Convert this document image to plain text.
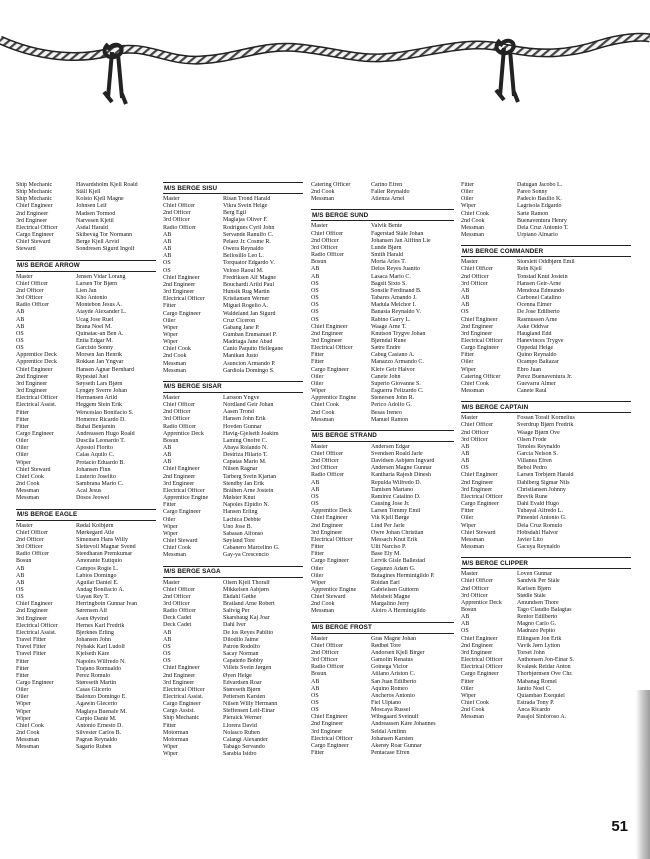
Ship Mechanic	Håvardsholm Kjell Roald
Ship Mechanic	Ställ Kjell
Ship Mechanic	Kolsto Kjell Magne
Chief Engineer	Johnsen Leif
2nd Engineer	Madsen Tormod
3rd Engineer	Narvesen Kjetil
Electrical Officer	Asdal Harald
Cargo Engineer	Skibevåg Tor Normann
Chief Steward	Berge Kjell Arvid
Steward	Sondresen Sigurd Ingolf
M/S BERGE ARROW
Master	Jensen Vidar Lorang
Chief Officer	Larsen Tor Bjørn
2nd Officer	Lien Jan
3rd Officer	Kho Antonio
Radio Officer	Montebon Jesus A.
AB	Atayde Alexander L.
AB	Ucag Jose Ruel
AB	Brana Noel M.
OS	Quinatac-an Ben A.
OS	Entia Edgar M.
OS	Garcisto Sonny
Apprentice Deck	Morsen Jan Henrik
Apprentice Deck	Rokkan Jan Yngvar
Chief Engineer	Hansen Agnar Bernhard
2nd Engineer	Rypestøl Juel
3rd Engineer	Søyseth Lars Bjørn
3rd Engineer	Lyngøy Sverre Johan
Electrical Officer	Hermansen Arild
Electrical Assist.	Heggem Stein Erik
Fitter	Wenceslao Bonifacio S.
Fitter	Homerez Ricardo D.
Fitter	Buhat Benjamin
Cargo Engineer	Andreassen Hugo Roald
Oiler	Duscila Leonardo T.
Oiler	Apostol Florito
Oiler	Calas Aquilo C.
Wiper	Protacio Eduardo B.
Chief Steward	Johansen Finn
Chief Cook	Lusterio Joselito
2nd Cook	Sambrana Mario C.
Messman	Acal Jesus
Messman	Dosos Jeowel
M/S BERGE EAGLE
Master	Rødal Kolbjørn
Chief Officer	Mørkegard Atle
2nd Officer	Simensen Hans Willy
3rd Officer	Slettevoll Magnar Svend
Radio Officer	Steedharan Premkumar
Bosun	Amorante Eutiquio
AB	Campos Rogie L.
AB	Labios Domingo
AB	Aguilar Daniel E.
OS	Andag Bonifacio A.
OS	Uayan Rey T.
Chief Engineer	Herringbotn Gunnar Ivan
2nd Engineer	Sørensen Alf
3rd Engineer	Åsen Øyvind
Electrical Officer	Hernes Karl Fredrik
Electrical Assist.	Bjerknes Erling
Travel Fitter	Johansen John
Travel Fitter	Nybakk Karl Ludolf
Travel Fitter	Kjelseth Kåre
Fitter	Napoles Wilfredo N.
Fitter	Trajano Romualdo
Fitter	Perez Romulo
Cargo Engineer	Støreseth Martin
Oiler	Casas Glicerio
Oiler	Balonzo Domingo E.
Wiper	Agawin Glecerio
Wiper	Maglaya Buenafe M.
Wiper	Carpio Dante M.
Chief Cook	Antonio Ernesto D.
2nd Cook	Silvester Carlos B.
Messman	Pagran Reynaldo
Messman	Sagario Ruben
M/S BERGE SISU
Master	Risan Trond Harald
Chief Officer	Vikra Svein Helge
2nd Officer	Berg Egil
3rd Officer	Maglajas Oliver F.
Radio Officer	Rodrigues Cyril John
AB	Servande Ranulfo C.
AB	Pelaez Jr. Cosme R.
AB	Owera Reynaldo
AB	Bellosillo Leo L.
OS	Torquator Edgardo V.
OS	Veloso Raoul M.
Chief Engineer	Fredriksen Alf Magne
2nd Engineer	Bouchardi Arild Paul
3rd Engineer	Hunsik Rug Martin
Electrical Officer	Kristiansen Werner
Fitter	Miguel Rogelio A.
Cargo Engineer	Waldeland Jan Sigurd
Oiler	Cruz Ciceron
Wiper	Gabang Jane P.
Wiper	Gumban Emmanuel P.
Wiper	Madriaga Jane Abad
Chief Cook	Canio Paquito Hellegane
2nd Cook	Manikan Justo
Messman	Asuncion Armando P.
Messman	Gardiola Domingo S.
M/S BERGE SISAR
Master	Larsson Yngve
Chief Officer	Nordland Geir Johan
2nd Officer	Aasen Trond
3rd Officer	Hansen John Erik
Radio Officer	Hovden Gunnar
Apprentice Deck	Havig-Gjelseth Joakim
Bosun	Laming Onofre C.
AB	Abaya Rolando N.
AB	Destriza Hilario T.
AB	Capatas Mario M.
Chief Engineer	Nilsen Ragnar
2nd Engineer	Tarberg Svein Kjartan
3rd Engineer	Stendby Jan Erik
Electrical Officer	Bråthen Arne Jostein
Apprentice Engine	Mølster Knut
Fitter	Napoles Elpidio N.
Cargo Engineer	Hansen Erling
Oiler	Lachica Debbie
Wiper	Uno Jose B.
Wiper	Sabasan Alfonso
Chief Steward	Søyland Tore
Chief Cook	Cabanero Marcelino G.
Messman	Gay-ya Crescencio
M/S BERGE SAGA
Master	Olsen Kjell Thoralf
Chief Officer	Mikkelsen Asbjørn
2nd Officer	Ekdahl Gøthe
3rd Officer	Bratland Arne Robert
Radio Officer	Saltvig Per
Deck Cadet	Skarsbaug Kaj Joar
Deck Cadet	Dahl Iver
AB	De los Reyes Pablito
AB	Dilodilo Jaime
OS	Patron Rodolfo
OS	Sacay Norman
OS	Capateño Bobby
Chief Engineer	Villets Svein Jørgen
2nd Engineer	Øyen Helge
3rd Engineer	Edvardsen Roar
Electrical Officer	Støreseth Bjørn
Electrical Assist.	Pettersen Karsten
Cargo Engineer	Nilsen Willy Hermann
Cargo Assist.	Steffensen Leif-Einar
Ship Mechanic	Pieraick Werner
Fitter	Llorera David
Motorman	Nolasco Ruben
Motorman	Calangi Alexander
Wiper	Tabago Servando
Wiper	Sarabia Isidro
Catering Officer	Carino Efren
2nd Cook	Faller Reynaldo
Messman	Atienza Arnel
M/S BERGE SUND
Master	Valvik Bente
Chief Officer	Fagerstad Ståle Johan
2nd Officer	Johansen Jan Alffinn Lie
3rd Officer	Lunde Bjørn
Radio Officer	Smith Harald
Bosun	Morta Arles T.
AB	Delos Reyes Juanito
AB	Lasaca Mario C.
OS	Bagsit Sixto S.
OS	Sonsile Ferdinand B.
OS	Tabares Amando J.
OS	Madula Melchor I.
OS	Banasia Reynaldo V.
OS	Rabino Garry L.
Chief Engineer	Waage Arne T.
2nd Engineer	Knutson Trygve Johan
3rd Engineer	Bjørndal Rune
Electrical Officer	Sætre Endre
Fitter	Cabug Casiano A.
Fitter	Manazzo Armando C.
Cargo Engineer	Kleiv Geir Halvor
Oiler	Canete John
Oiler	Superio Giovanne S.
Wiper	Esguerra Felizardo C.
Apprentice Engine	Stenersen John R.
Chief Cook	Perico Adolfo G.
2nd Cook	Besas Ireneo
Messman	Manuel Ramon
M/S BERGE STRAND
Master	Andersen Edgar
Chief Officer	Svendsen Roald Jarle
2nd Officer	Davidsen Asbjørn Ingvard
3rd Officer	Andersen Magne Gunnar
Radio Officer	Kantharia Rajesh Dinesh
AB	Repulda Wilfredo D.
AB	Tamisen Mariano
OS	Ramirez Catalino D.
OS	Causing Jose Jr.
Apprentice Deck	Larsen Tommy Emil
Chief Engineer	Vik Kjell Børge
2nd Engineer	Lind Per Jarle
3rd Engineer	Owre Johan Christian
Electrical Officer	Messach Knut Erik
Fitter	Ulit Narciso P.
Fitter	Base Ely M.
Cargo Engineer	Lervik Gisle Ballestad
Oiler	Geganzo Adam G.
Oiler	Butagines Herminigildo P.
Wiper	Roldan Earl
Apprentice Engine	Gabrielsen Guttorm
Chief Steward	Melsbeit Magne
2nd Cook	Margalino Jerry
Messman	Aloiro A Herminigildo
M/S BERGE FROST
Master	Gras Magne Johan
Chief Officer	Rødbøl Tore
2nd Officer	Andorsen Kjell Birger
3rd Officer	Gamolin Renatus
Radio Officer	Gotnega Victor
Bosun	Atilano Ariston C.
AB	San Juan Edilberto
AB	Aquino Romeo
OS	Ancheros Antonio
OS	Fiel Ulpiano
OS	Moscaya Russel
Chief Engineer	Wibsgaard Sveinulf
2nd Engineer	Andreassen Kåre Johannes
3rd Engineer	Seldal Arnfinn
Electrical Officer	Johansen Karsten
Cargo Engineer	Åkerøy Roar Gunnar
Fitter	Pentacase Efren
Fitter	Datugan Jacobo L.
Oiler	Pareo Sonny
Oiler	Padecio Basilio K.
Wiper	Lagrisola Edgardo
Chief Cook	Sarte Ramon
2nd Cook	Buenaventura Henry
Messman	Dela Cruz Antonio T.
Messman	Urpiano Almario
M/S BERGE COMMANDER
Master	Storslett Oddbjørn Emil
Chief Officer	Rein Kjell
2nd Officer	Tonstad Knut Jostein
3rd Officer	Hansen Geir-Arne
AB	Mendoza Edmundo
AB	Carbonel Catalino
AB	Ocenna Elmer
OS	De Jose Edilberto
Chief Engineer	Rasmussen Arne
2nd Engineer	Aske Oddvar
3rd Engineer	Haugland Edd
Electrical Officer	Hanevinces Trygve
Cargo Engineer	Oppedal Helge
Fitter	Quino Reynaldo
Oiler	Ocampo Baltazar
Wiper	Ebro Juan
Catering Officer	Perez Buenaventura Jr.
Chief Cook	Guevarra Almer
Messman	Canete Raul
M/S BERGE CAPTAIN
Master	Fossan Toralf Kornelius
Chief Officer	Sverdrup Bjørn Fredrik
2nd Officer	Waage Bjørn Ove
3rd Officer	Olsen Frode
AB	Tenoles Reynaldo
AB	Garcia Nelson S.
AB	Villanea Efren
OS	Bebol Pedro
Chief Engineer	Larsen Torbjørn Harald
2nd Engineer	Dahlberg Sigmar Nils
3rd Engineer	Christiansen Johnny
Electrical Officer	Brevik Rune
Cargo Engineer	Dahl Evald Hugo
Fitter	Tubayal Alfredo L.
Oiler	Pimentel Antonio G.
Wiper	Dela Cruz Romulo
Chief Steward	Hobsdahl Halvor
Messman	Javier Lito
Messman	Gacuya Reynaldo
M/S BERGE CLIPPER
Master	Loven Gunnar
Chief Officer	Sandvik Per Ståle
2nd Officer	Karlsen Bjørn
3rd Officer	Stødle Ståle
Apprentice Deck	Amundsen Thore
Bosun	Tago Claudio Balagtas
AB	Rentor Edilberto
AB	Magno Carlo G.
OS	Madrazo Pepito
Chief Engineer	Ellingsen Jon Erik
2nd Engineer	Vavik Jørn Lytton
3rd Engineer	Torset John
Electrical Officer	Anthonsen Jon-Einar S.
Electrical Officer	Kvaløsk Reidar Anton
Cargo Engineer	Thorbjørnsen Ove Chr.
Fitter	Mabanag Romel
Oiler	Janito Noel C.
Wiper	Quiambao Exequiel
Chief Cook	Estrada Tony P.
2nd Cook	Anca Ricardo
Messman	Pasajol Sinforoso A.
51
